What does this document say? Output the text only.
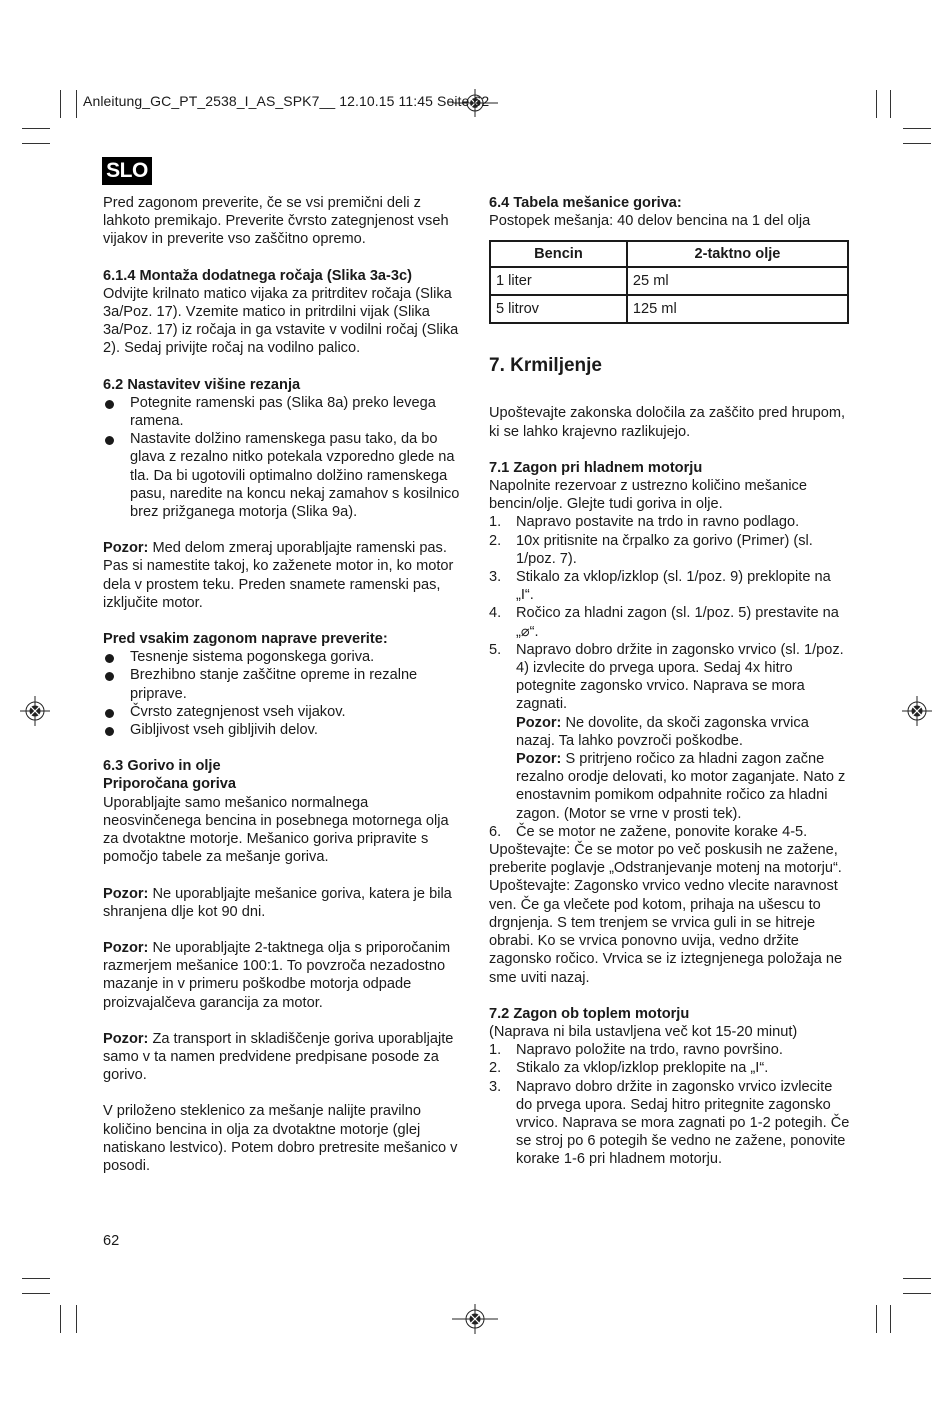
Anleitung_GC_PT_2538_I_AS_SPK7__ 12.10.15 11:45 Seite 62
SLO

Pred zagonom preverite, če se vsi premični deli z lahkoto premikajo. Preverite čvrsto zategnjenost vseh vijakov in preverite vso zaščitno opremo.

6.1.4 Montaža dodatnega ročaja (Slika 3a-3c)

Odvijte krilnato matico vijaka za pritrditev ročaja (Slika 3a/Poz. 17). Vzemite matico in pritrdilni vijak (Slika 3a/Poz. 17) iz ročaja in ga vstavite v vodilni ročaj (Slika 2). Sedaj privijte ročaj na vodilno palico.

6.2 Nastavitev višine rezanja

Potegnite ramenski pas (Slika 8a) preko levega ramena.
Nastavite dolžino ramenskega pasu tako, da bo glava z rezalno nitko potekala vzporedno glede na tla. Da bi ugotovili optimalno dolžino ramenskega pasu, naredite na koncu nekaj zamahov s kosilnico brez prižganega motorja (Slika 9a).

Pozor: Med delom zmeraj uporabljajte ramenski pas. Pas si namestite takoj, ko zaženete motor in, ko motor dela v prostem teku. Preden snamete ramenski pas, izključite motor.

Pred vsakim zagonom naprave preverite:

Tesnenje sistema pogonskega goriva.
Brezhibno stanje zaščitne opreme in rezalne priprave.
Čvrsto zategnjenost vseh vijakov.
Gibljivost vseh gibljivih delov.

6.3 Gorivo in olje

Priporočana goriva

Uporabljajte samo mešanico normalnega neosvinčenega bencina in posebnega motornega olja za dvotaktne motorje. Mešanico goriva pripravite s pomočjo tabele za mešanje goriva.

Pozor: Ne uporabljajte mešanice goriva, katera je bila shranjena dlje kot 90 dni.

Pozor: Ne uporabljajte 2-taktnega olja s priporočanim razmerjem mešanice 100:1. To povzroča nezadostno mazanje in v primeru poškodbe motorja odpade proizvajalčeva garancija za motor.

Pozor: Za transport in skladiščenje goriva uporabljajte samo v ta namen predvidene predpisane posode za gorivo.

V priloženo steklenico za mešanje nalijte pravilno količino bencina in olja za dvotaktne motorje (glej natiskano lestvico). Potem dobro pretresite mešanico v posodi.

6.4 Tabela mešanice goriva:

Postopek mešanja: 40 delov bencina na 1 del olja

Bencin	2-taktno olje
1 liter	25 ml
5 litrov	125 ml

7. Krmiljenje

Upoštevajte zakonska določila za zaščito pred hrupom, ki se lahko krajevno razlikujejo.

7.1 Zagon pri hladnem motorju

Napolnite rezervoar z ustrezno količino mešanice bencin/olje. Glejte tudi goriva in olje.

1. Napravo postavite na trdo in ravno podlago.
2. 10x pritisnite na črpalko za gorivo (Primer) (sl. 1/poz. 7).
3. Stikalo za vklop/izklop (sl. 1/poz. 9) preklopite na „I“.
4. Ročico za hladni zagon (sl. 1/poz. 5) prestavite na „⌀“.
5. Napravo dobro držite in zagonsko vrvico (sl. 1/poz. 4) izvlecite do prvega upora. Sedaj 4x hitro potegnite zagonsko vrvico. Naprava se mora zagnati.

Pozor: Ne dovolite, da skoči zagonska vrvica nazaj. Ta lahko povzroči poškodbe.

Pozor: S pritrjeno ročico za hladni zagon začne rezalno orodje delovati, ko motor zaganjate. Nato z enostavnim pomikom odpahnite ročico za hladni zagon. (Motor se vrne v prosti tek).

6. Če se motor ne zažene, ponovite korake 4-5.

Upoštevajte: Če se motor po več poskusih ne zažene, preberite poglavje „Odstranjevanje motenj na motorju“.

Upoštevajte: Zagonsko vrvico vedno vlecite naravnost ven. Če ga vlečete pod kotom, prihaja na ušescu to drgnjenja. S tem trenjem se vrvica guli in se hitreje obrabi. Ko se vrvica ponovno uvija, vedno držite zagonsko ročico. Vrvica se iz iztegnjenega položaja ne sme uviti nazaj.

7.2 Zagon ob toplem motorju

(Naprava ni bila ustavljena več kot 15-20 minut)

1. Napravo položite na trdo, ravno površino.
2. Stikalo za vklop/izklop preklopite na „I“.
3. Napravo dobro držite in zagonsko vrvico izvlecite do prvega upora. Sedaj hitro pritegnite zagonsko vrvico. Naprava se mora zagnati po 1-2 potegih. Če se stroj po 6 potegih še vedno ne zažene, ponovite korake 1-6 pri hladnem motorju.
62
